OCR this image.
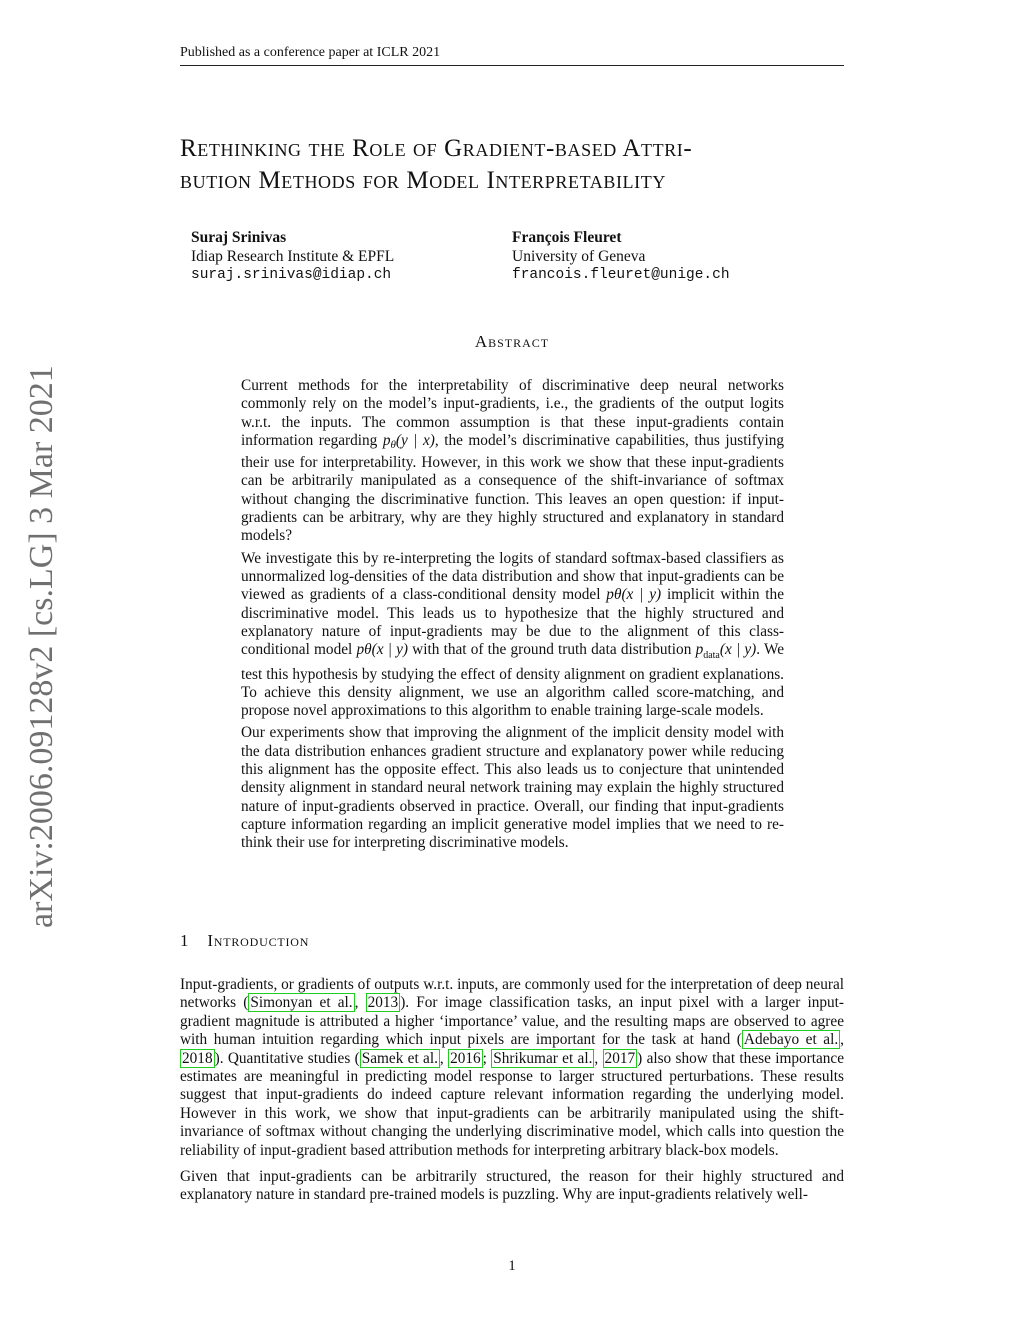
Published as a conference paper at ICLR 2021
Rethinking the Role of Gradient-based Attri-
bution Methods for Model Interpretability
Suraj Srinivas
Idiap Research Institute & EPFL
suraj.srinivas@idiap.ch
François Fleuret
University of Geneva
francois.fleuret@unige.ch
arXiv:2006.09128v2 [cs.LG] 3 Mar 2021
Abstract

Current methods for the interpretability of discriminative deep neural networks commonly rely on the model’s input-gradients, i.e., the gradients of the output logits w.r.t. the inputs. The common assumption is that these input-gradients contain information regarding pθ(y | x), the model’s discriminative capabilities, thus justifying their use for interpretability. However, in this work we show that these input-gradients can be arbitrarily manipulated as a consequence of the shift-invariance of softmax without changing the discriminative function. This leaves an open question: if input-gradients can be arbitrary, why are they highly structured and explanatory in standard models?

We investigate this by re-interpreting the logits of standard softmax-based classifiers as unnormalized log-densities of the data distribution and show that input-gradients can be viewed as gradients of a class-conditional density model pθ(x | y) implicit within the discriminative model. This leads us to hypothesize that the highly structured and explanatory nature of input-gradients may be due to the alignment of this class-conditional model pθ(x | y) with that of the ground truth data distribution $p_{data}(x$ | y). We test this hypothesis by studying the effect of density alignment on gradient explanations. To achieve this density alignment, we use an algorithm called score-matching, and propose novel approximations to this algorithm to enable training large-scale models.

Our experiments show that improving the alignment of the implicit density model with the data distribution enhances gradient structure and explanatory power while reducing this alignment has the opposite effect. This also leads us to conjecture that unintended density alignment in standard neural network training may explain the highly structured nature of input-gradients observed in practice. Overall, our finding that input-gradients capture information regarding an implicit generative model implies that we need to re-think their use for interpreting discriminative models.

1 Introduction

Input-gradients, or gradients of outputs w.r.t. inputs, are commonly used for the interpretation of deep neural networks ( Simonyan et al. , 2013 ). For image classification tasks, an input pixel with a larger input-gradient magnitude is attributed a higher ‘importance’ value, and the resulting maps are observed to agree with human intuition regarding which input pixels are important for the task at hand ( Adebayo et al. , 2018 ). Quantitative studies ( Samek et al. , 2016 ; Shrikumar et al. , 2017 ) also show that these importance estimates are meaningful in predicting model response to larger structured perturbations. These results suggest that input-gradients do indeed capture relevant information regarding the underlying model. However in this work, we show that input-gradients can be arbitrarily manipulated using the shift-invariance of softmax without changing the underlying discriminative model, which calls into question the reliability of input-gradient based attribution methods for interpreting arbitrary black-box models.

Given that input-gradients can be arbitrarily structured, the reason for their highly structured and explanatory nature in standard pre-trained models is puzzling. Why are input-gradients relatively well-

1
